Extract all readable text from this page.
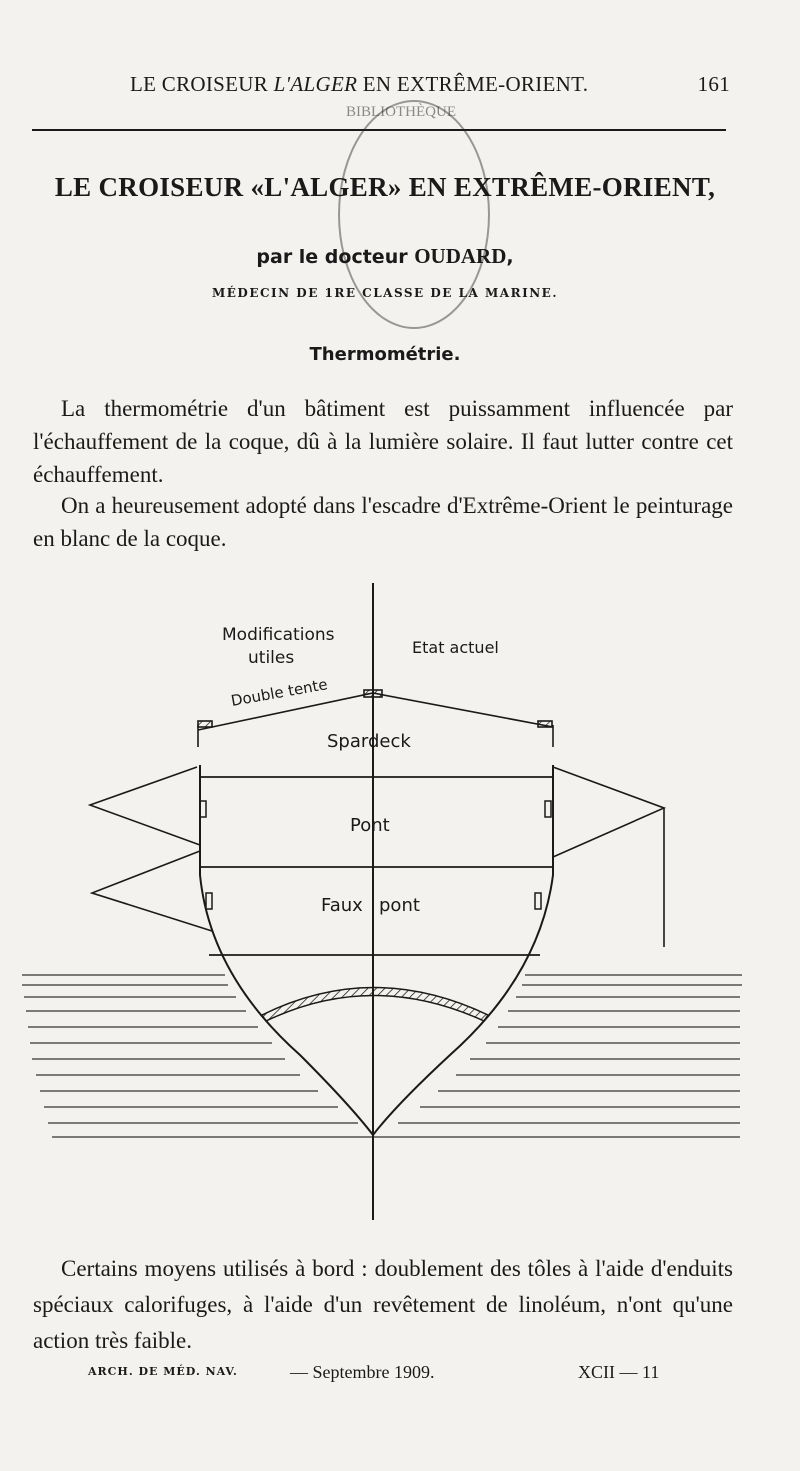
LE CROISEUR L'ALGER EN EXTRÊME-ORIENT.	161
BIBLIOTHÈQUE
LE CROISEUR «L'ALGER» EN EXTRÊME-ORIENT,
par le docteur OUDARD,
MÉDECIN DE 1RE CLASSE DE LA MARINE.
Thermométrie.
La thermométrie d'un bâtiment est puissamment influencée par l'échauffement de la coque, dû à la lumière solaire. Il faut lutter contre cet échauffement.
On a heureusement adopté dans l'escadre d'Extrême-Orient le peinturage en blanc de la coque.
Modifications
utiles
Etat actuel
Double tente
Spardeck
Pont
Faux pont
Certains moyens utilisés à bord : doublement des tôles à l'aide d'enduits spéciaux calorifuges, à l'aide d'un revêtement de linoléum, n'ont qu'une action très faible.
ARCH. DE MÉD. NAV.	— Septembre 1909.	XCII — 11
